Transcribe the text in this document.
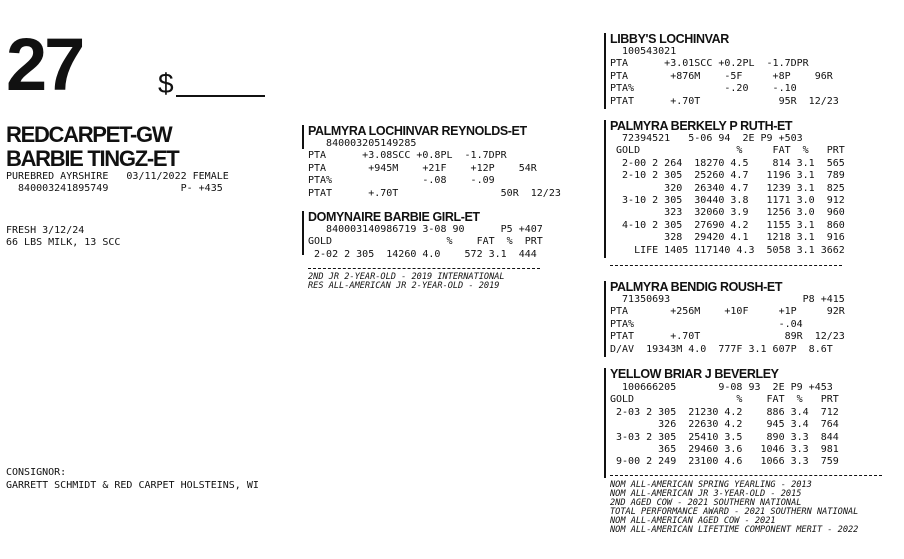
27	$
REDCARPET-GW
BARBIE TINGZ-ET
PUREBRED AYRSHIRE   03/11/2022 FEMALE
840003241895749            P- +435
FRESH 3/12/24
66 LBS MILK, 13 SCC
CONSIGNOR:
GARRETT SCHMIDT & RED CARPET HOLSTEINS, WI
PALMYRA LOCHINVAR REYNOLDS-ET
840003205149285
PTA      +3.08SCC +0.8PL  -1.7DPR
PTA       +945M    +21F    +12P    54R
PTA%               -.08    -.09
PTAT      +.70T                 50R  12/23
DOMYNAIRE BARBIE GIRL-ET
840003140986719 3-08 90      P5 +407
GOLD                   %    FAT  %  PRT
2-02 2 305  14260 4.0    572 3.1  444
2ND JR 2-YEAR-OLD - 2019 INTERNATIONAL
RES ALL-AMERICAN JR 2-YEAR-OLD - 2019
LIBBY'S LOCHINVAR
100543021
PTA      +3.01SCC +0.2PL  -1.7DPR
PTA       +876M    -5F     +8P    96R
PTA%               -.20    -.10
PTAT      +.70T             95R  12/23
PALMYRA BERKELY P RUTH-ET
72394521   5-06 94  2E P9 +503
GOLD                %     FAT  %   PRT
2-00 2 264  18270 4.5    814 3.1  565
2-10 2 305  25260 4.7   1196 3.1  789
320  26340 4.7   1239 3.1  825
3-10 2 305  30440 3.8   1171 3.0  912
323  32060 3.9   1256 3.0  960
4-10 2 305  27690 4.2   1155 3.1  860
328  29420 4.1   1218 3.1  916
LIFE 1405 117140 4.3  5058 3.1 3662
PALMYRA BENDIG ROUSH-ET
71350693                      P8 +415
PTA       +256M    +10F     +1P     92R
PTA%                        -.04
PTAT      +.70T              89R  12/23
D/AV  19343M 4.0  777F 3.1 607P  8.6T
YELLOW BRIAR J BEVERLEY
100666205       9-08 93  2E P9 +453
GOLD                 %    FAT  %   PRT
2-03 2 305  21230 4.2    886 3.4  712
326  22630 4.2    945 3.4  764
3-03 2 305  25410 3.5    890 3.3  844
365  29460 3.6   1046 3.3  981
9-00 2 249  23100 4.6   1066 3.3  759
NOM ALL-AMERICAN SPRING YEARLING - 2013
NOM ALL-AMERICAN JR 3-YEAR-OLD - 2015
2ND AGED COW - 2021 SOUTHERN NATIONAL
TOTAL PERFORMANCE AWARD - 2021 SOUTHERN NATIONAL
NOM ALL-AMERICAN AGED COW - 2021
NOM ALL-AMERICAN LIFETIME COMPONENT MERIT - 2022
